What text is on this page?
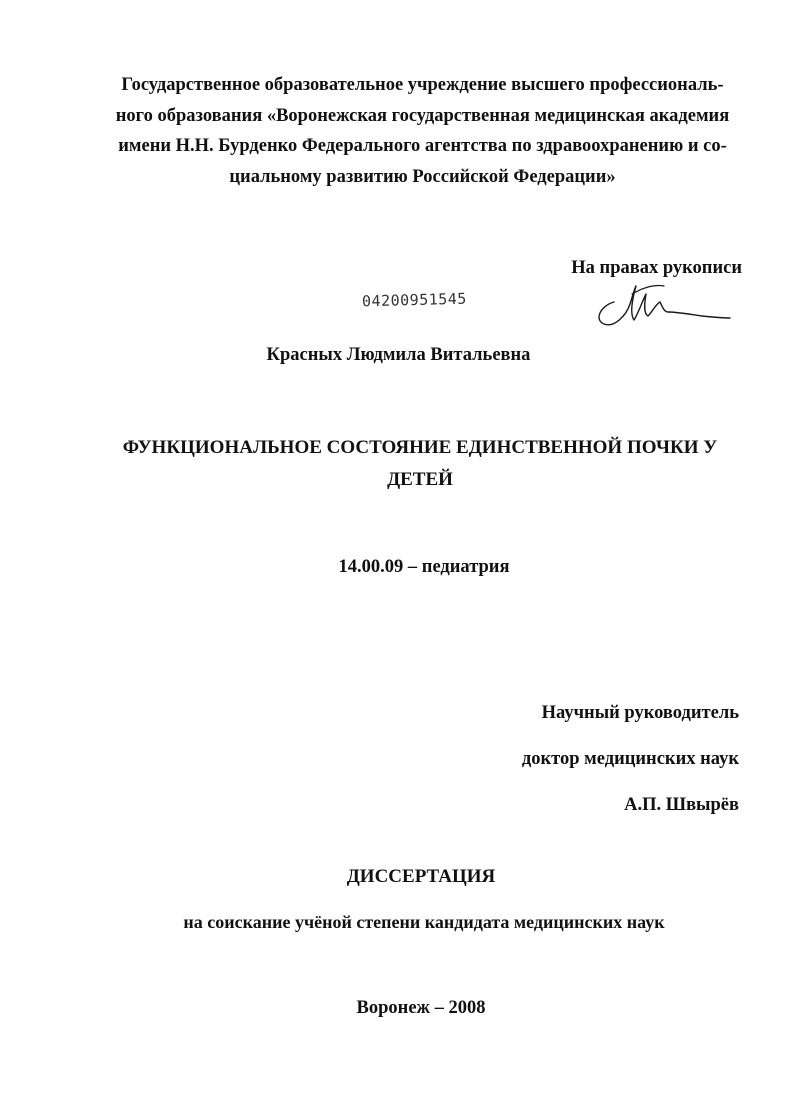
Государственное образовательное учреждение высшего профессиональ-
ного образования «Воронежская государственная медицинская академия
имени Н.Н. Бурденко Федерального агентства по здравоохранению и со-
циальному развитию Российской Федерации»
На правах рукописи
04200951545
Красных Людмила Витальевна
ФУНКЦИОНАЛЬНОЕ СОСТОЯНИЕ ЕДИНСТВЕННОЙ ПОЧКИ У
ДЕТЕЙ
14.00.09 – педиатрия
Научный руководитель
доктор медицинских наук
А.П. Швырёв
ДИССЕРТАЦИЯ
на соискание учёной степени кандидата медицинских наук
Воронеж – 2008
